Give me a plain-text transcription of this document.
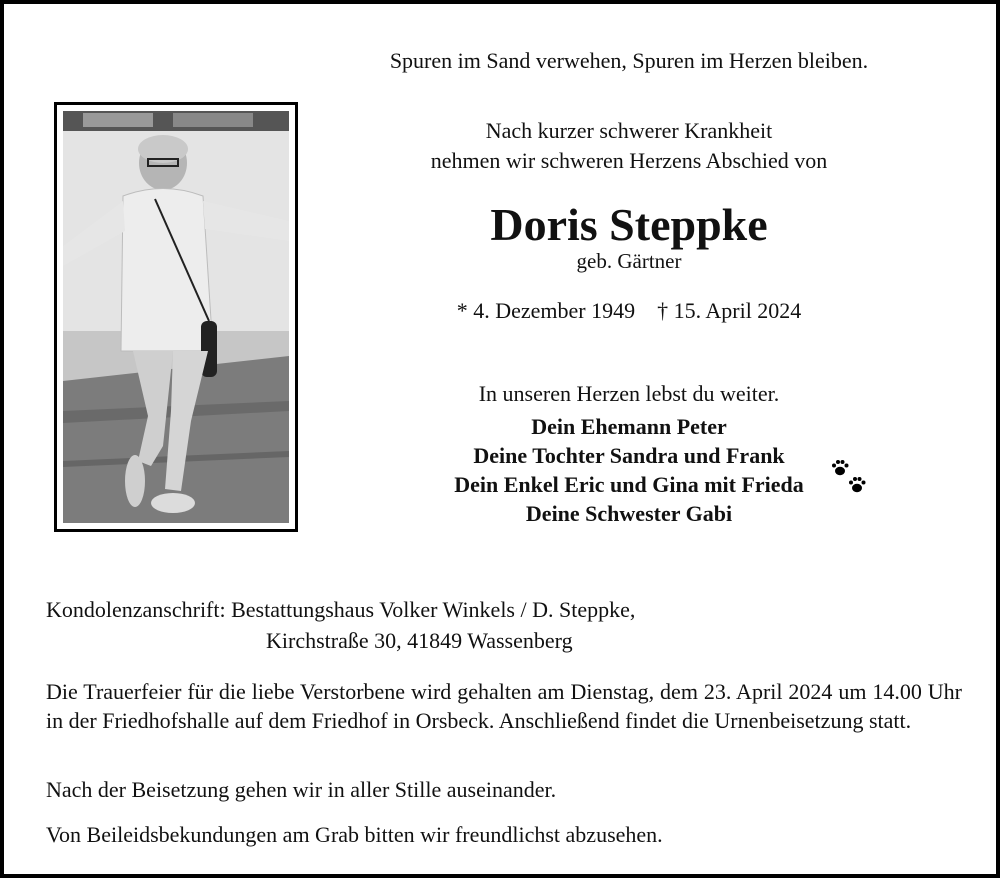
Spuren im Sand verwehen, Spuren im Herzen bleiben.
Nach kurzer schwerer Krankheit
nehmen wir schweren Herzens Abschied von
Doris Steppke
geb. Gärtner
* 4. Dezember 1949 † 15. April 2024
In unseren Herzen lebst du weiter.
Dein Ehemann Peter
Deine Tochter Sandra und Frank
Dein Enkel Eric und Gina mit Frieda
Deine Schwester Gabi
Kondolenzanschrift: Bestattungshaus Volker Winkels / D. Steppke,
Kirchstraße 30, 41849 Wassenberg
Die Trauerfeier für die liebe Verstorbene wird gehalten am Dienstag, dem 23. April 2024 um 14.00 Uhr in der Friedhofshalle auf dem Friedhof in Orsbeck. Anschließend findet die Urnenbeisetzung statt.
Nach der Beisetzung gehen wir in aller Stille auseinander.
Von Beileidsbekundungen am Grab bitten wir freundlichst abzusehen.
